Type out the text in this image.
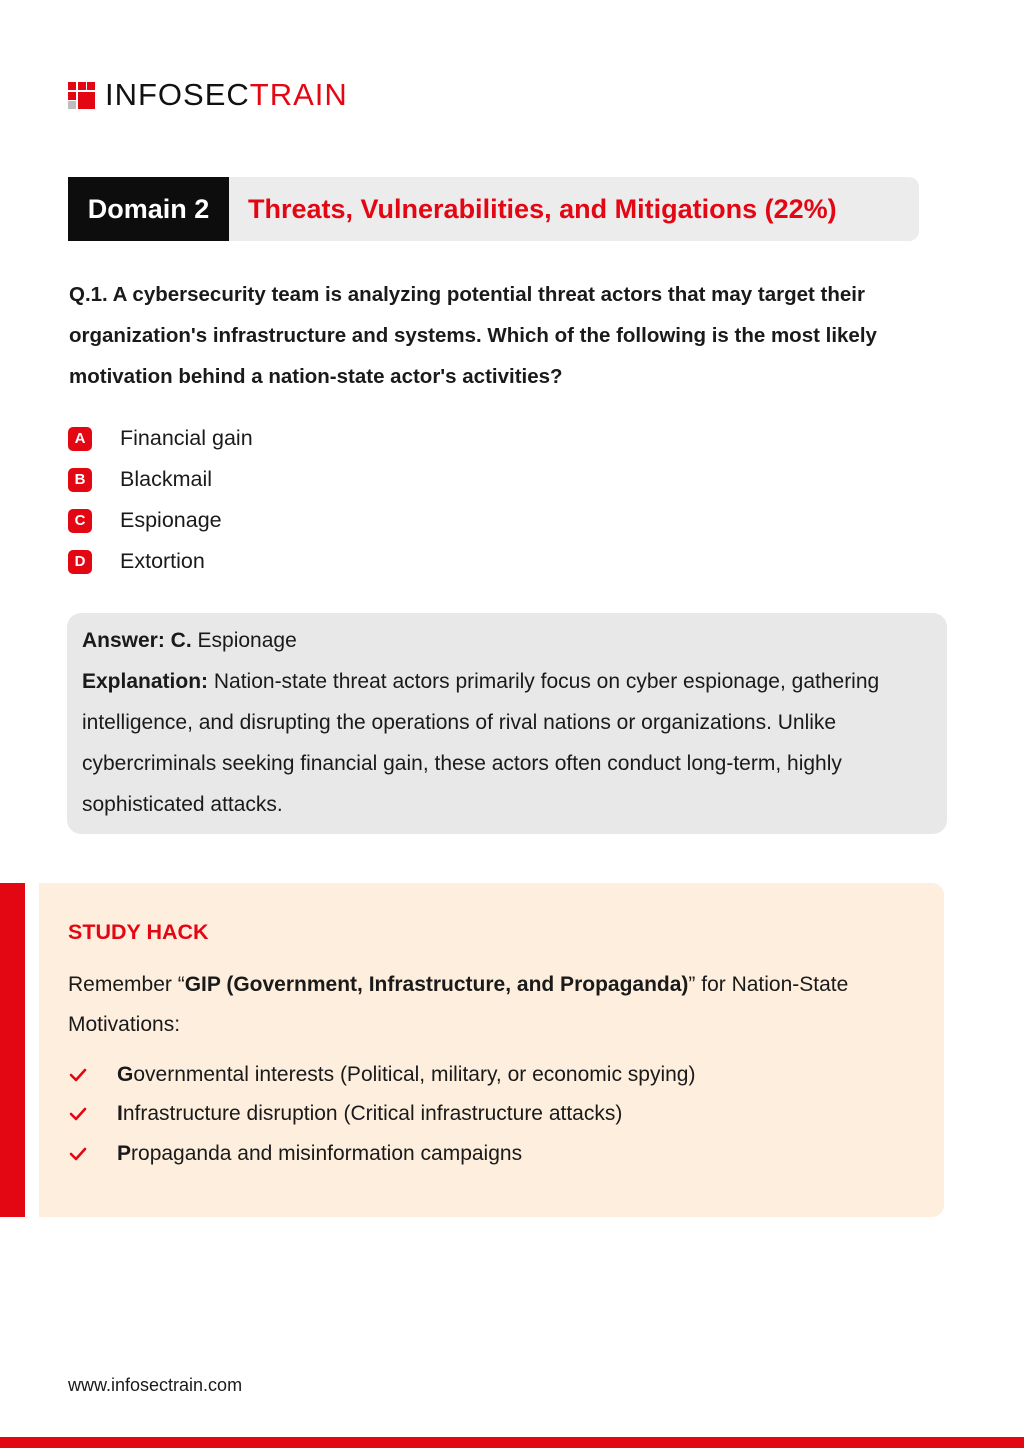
INFOSECTRAIN
Domain 2	Threats, Vulnerabilities, and Mitigations (22%)
Q.1. A cybersecurity team is analyzing potential threat actors that may target their organization's infrastructure and systems. Which of the following is the most likely motivation behind a nation-state actor's activities?
A	Financial gain
B	Blackmail
C	Espionage
D	Extortion
Answer: C. Espionage
Explanation: Nation-state threat actors primarily focus on cyber espionage, gathering intelligence, and disrupting the operations of rival nations or organizations. Unlike cybercriminals seeking financial gain, these actors often conduct long-term, highly sophisticated attacks.
STUDY HACK
Remember “GIP (Government, Infrastructure, and Propaganda)” for Nation-State Motivations:
G overnmental interests (Political, military, or economic spying)
I nfrastructure disruption (Critical infrastructure attacks)
P ropaganda and misinformation campaigns
www.infosectrain.com
